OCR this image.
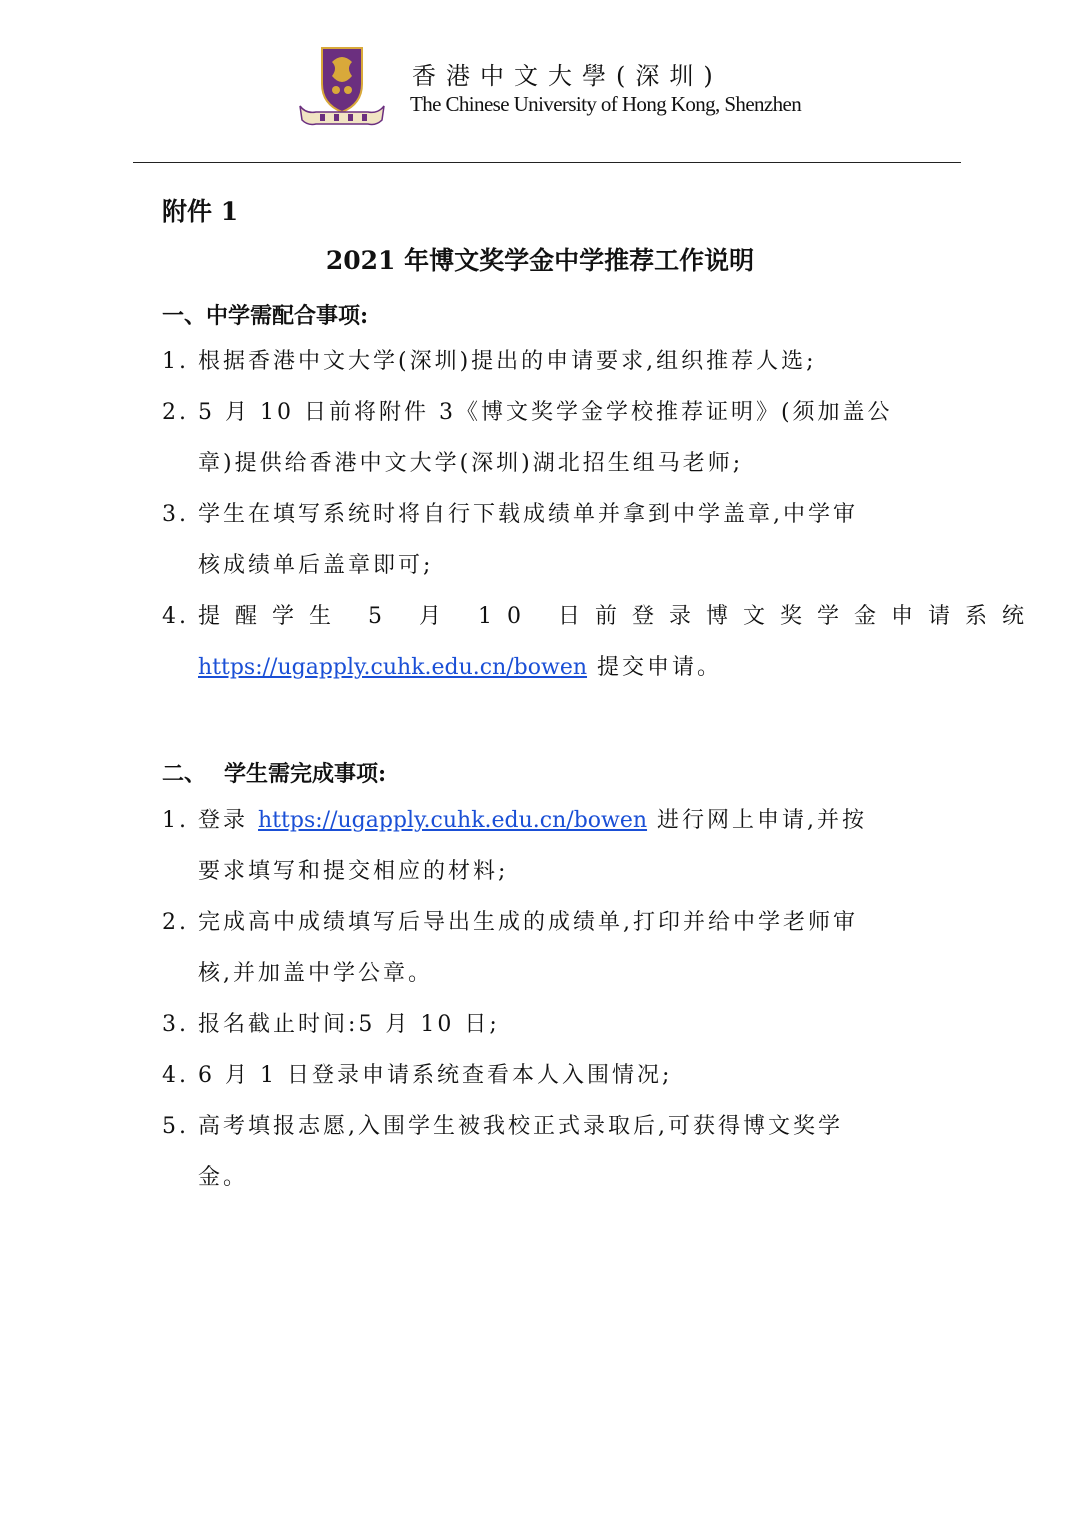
香港中文大學(深圳)
The Chinese University of Hong Kong, Shenzhen
附件 1
2021 年博文奖学金中学推荐工作说明
一、中学需配合事项:
1. 根据香港中文大学(深圳)提出的申请要求,组织推荐人选;
2. 5 月 10 日前将附件 3《博文奖学金学校推荐证明》(须加盖公
章)提供给香港中文大学(深圳)湖北招生组马老师;
3. 学生在填写系统时将自行下载成绩单并拿到中学盖章,中学审
核成绩单后盖章即可;
4. 提醒学生 5 月 10 日前登录博文奖学金申请系统
https://ugapply.cuhk.edu.cn/bowen 提交申请。
二、 学生需完成事项:
1. 登录 https://ugapply.cuhk.edu.cn/bowen 进行网上申请,并按
要求填写和提交相应的材料;
2. 完成高中成绩填写后导出生成的成绩单,打印并给中学老师审
核,并加盖中学公章。
3. 报名截止时间:5 月 10 日;
4. 6 月 1 日登录申请系统查看本人入围情况;
5. 高考填报志愿,入围学生被我校正式录取后,可获得博文奖学
金。
